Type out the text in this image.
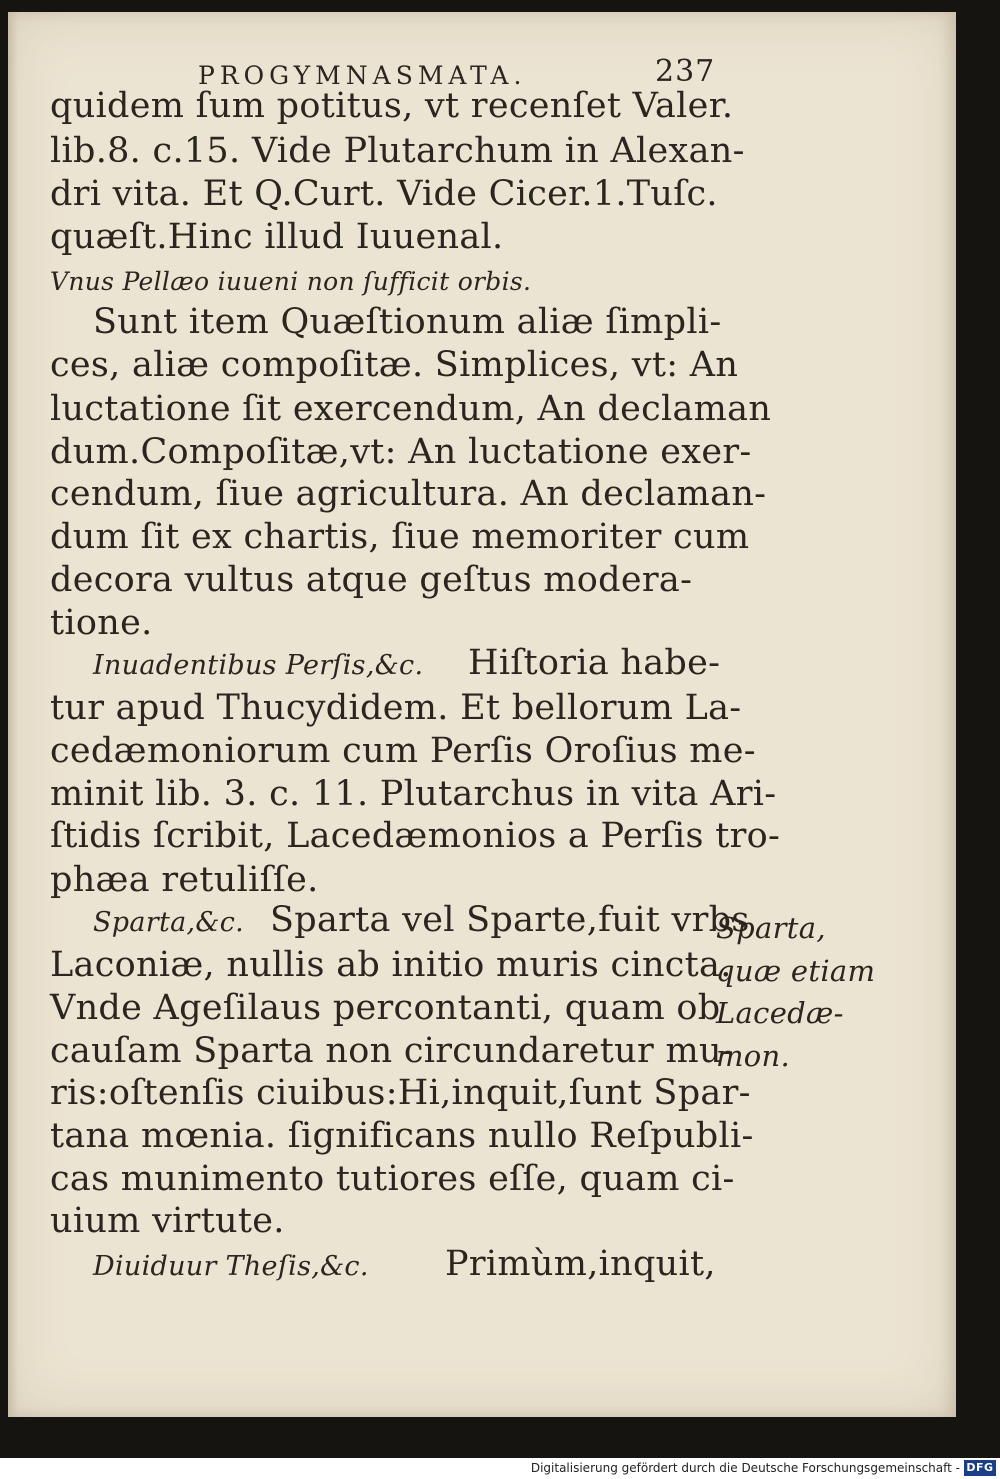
PROGYMNASMATA.	237
quidem ſum potitus, vt recenſet Valer.
lib.8. c.15. Vide Plutarchum in Alexan-
dri vita. Et Q.Curt. Vide Cicer.1.Tuſc.
quæſt.Hinc illud Iuuenal.
Vnus Pellæo iuueni non ſufficit orbis.
Sunt item Quæſtionum aliæ ſimpli-
ces, aliæ compoſitæ. Simplices, vt: An
luctatione ſit exercendum, An declaman
dum.Compoſitæ,vt: An luctatione exer-
cendum, ſiue agricultura. An declaman-
dum ſit ex chartis, ſiue memoriter cum
decora vultus atque geſtus modera-
tione.
Inuadentibus Perſis,&c. Hiſtoria habe-
tur apud Thucydidem. Et bellorum La-
cedæmoniorum cum Perſis Oroſius me-
minit lib. 3. c. 11. Plutarchus in vita Ari-
ſtidis ſcribit, Lacedæmonios a Perſis tro-
phæa retuliſſe.
Sparta,&c. Sparta vel Sparte,fuit vrbs
Laconiæ, nullis ab initio muris cincta.
Vnde Ageſilaus percontanti, quam ob
cauſam Sparta non circundaretur mu-
ris:oſtenſis ciuibus:Hi,inquit,ſunt Spar-
tana mœnia. ſignificans nullo Reſpubli-
cas munimento tutiores eſſe, quam ci-
uium virtute.
Diuiduur Theſis,&c. Primùm,inquit,
Sparta,
quæ etiam
Lacedæ-
mon.
Digitalisierung gefördert durch die Deutsche Forschungsgemeinschaft - DFG
